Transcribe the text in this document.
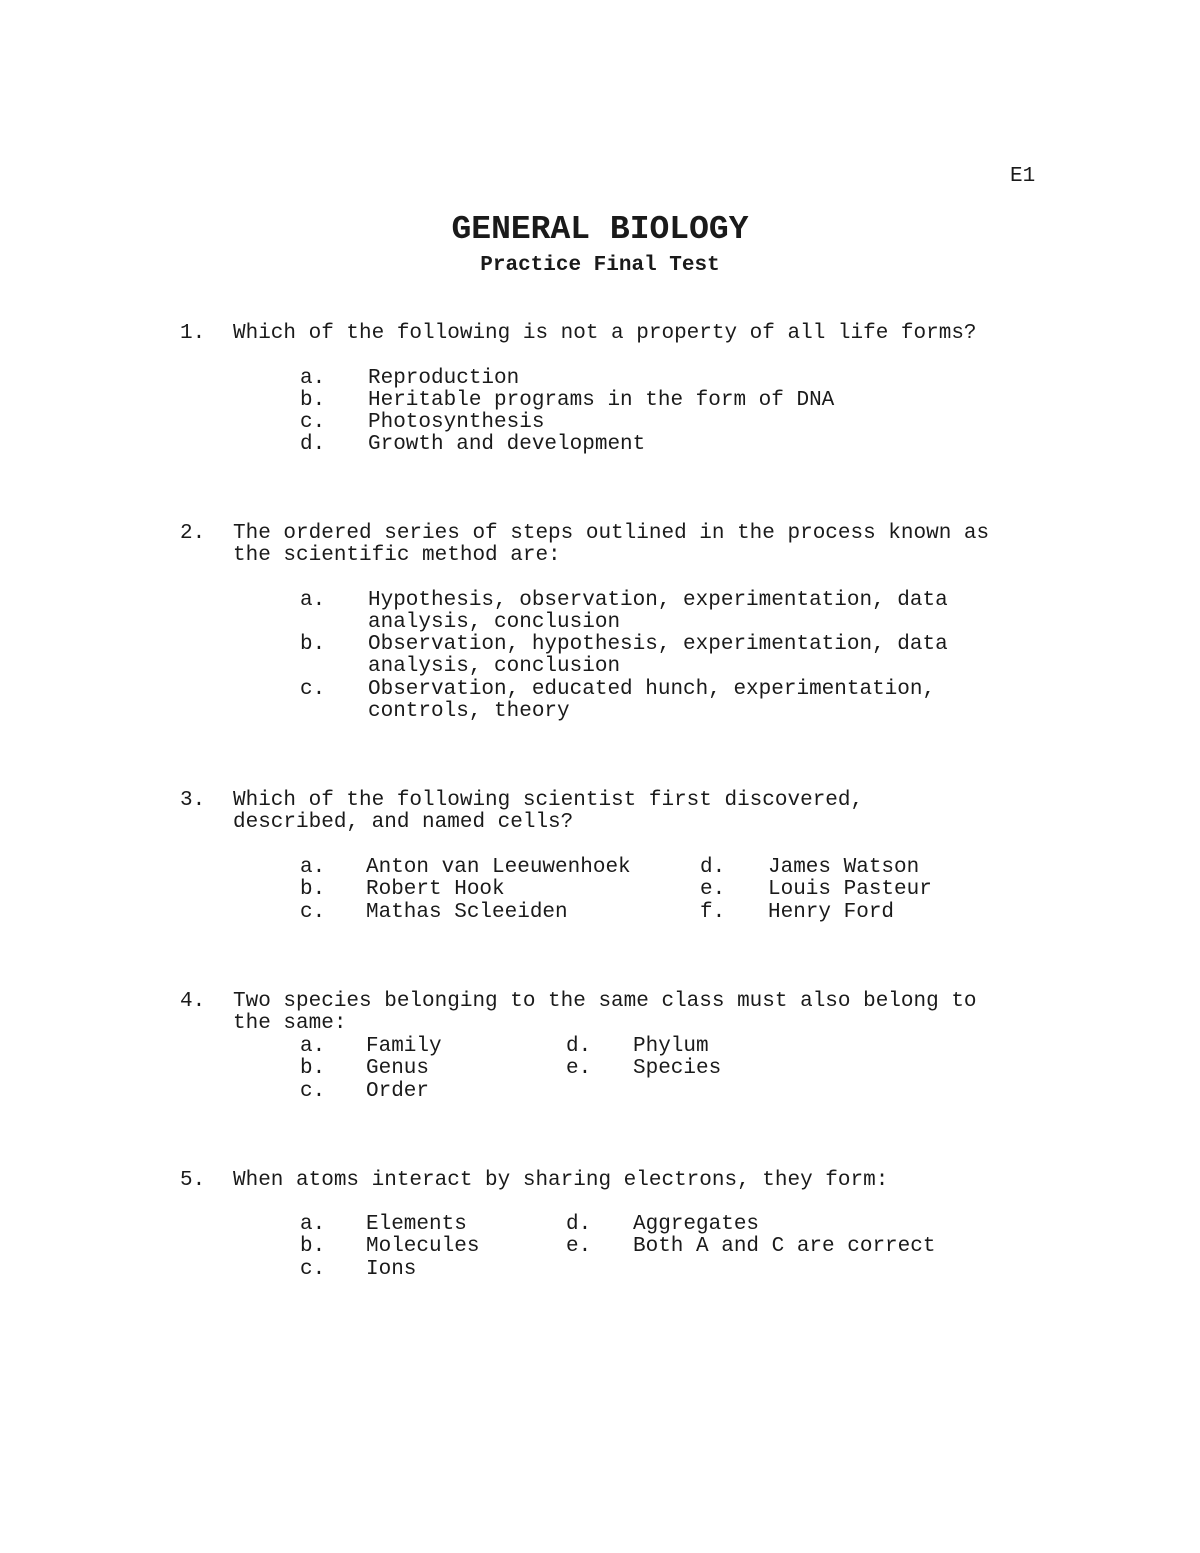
E1
GENERAL BIOLOGY
Practice Final Test
1. Which of the following is not a property of all life forms?
a. Reproduction
b. Heritable programs in the form of DNA
c. Photosynthesis
d. Growth and development
2. The ordered series of steps outlined in the process known as
the scientific method are:
a. Hypothesis, observation, experimentation, data
analysis, conclusion
b. Observation, hypothesis, experimentation, data
analysis, conclusion
c. Observation, educated hunch, experimentation,
controls, theory
3. Which of the following scientist first discovered,
described, and named cells?
a. Anton van Leeuwenhoek
b. Robert Hook
c. Mathas Scleeiden
d. James Watson
e. Louis Pasteur
f. Henry Ford
4. Two species belonging to the same class must also belong to
the same:
a. Family
b. Genus
c. Order
d. Phylum
e. Species
5. When atoms interact by sharing electrons, they form:
a. Elements
b. Molecules
c. Ions
d. Aggregates
e. Both A and C are correct
